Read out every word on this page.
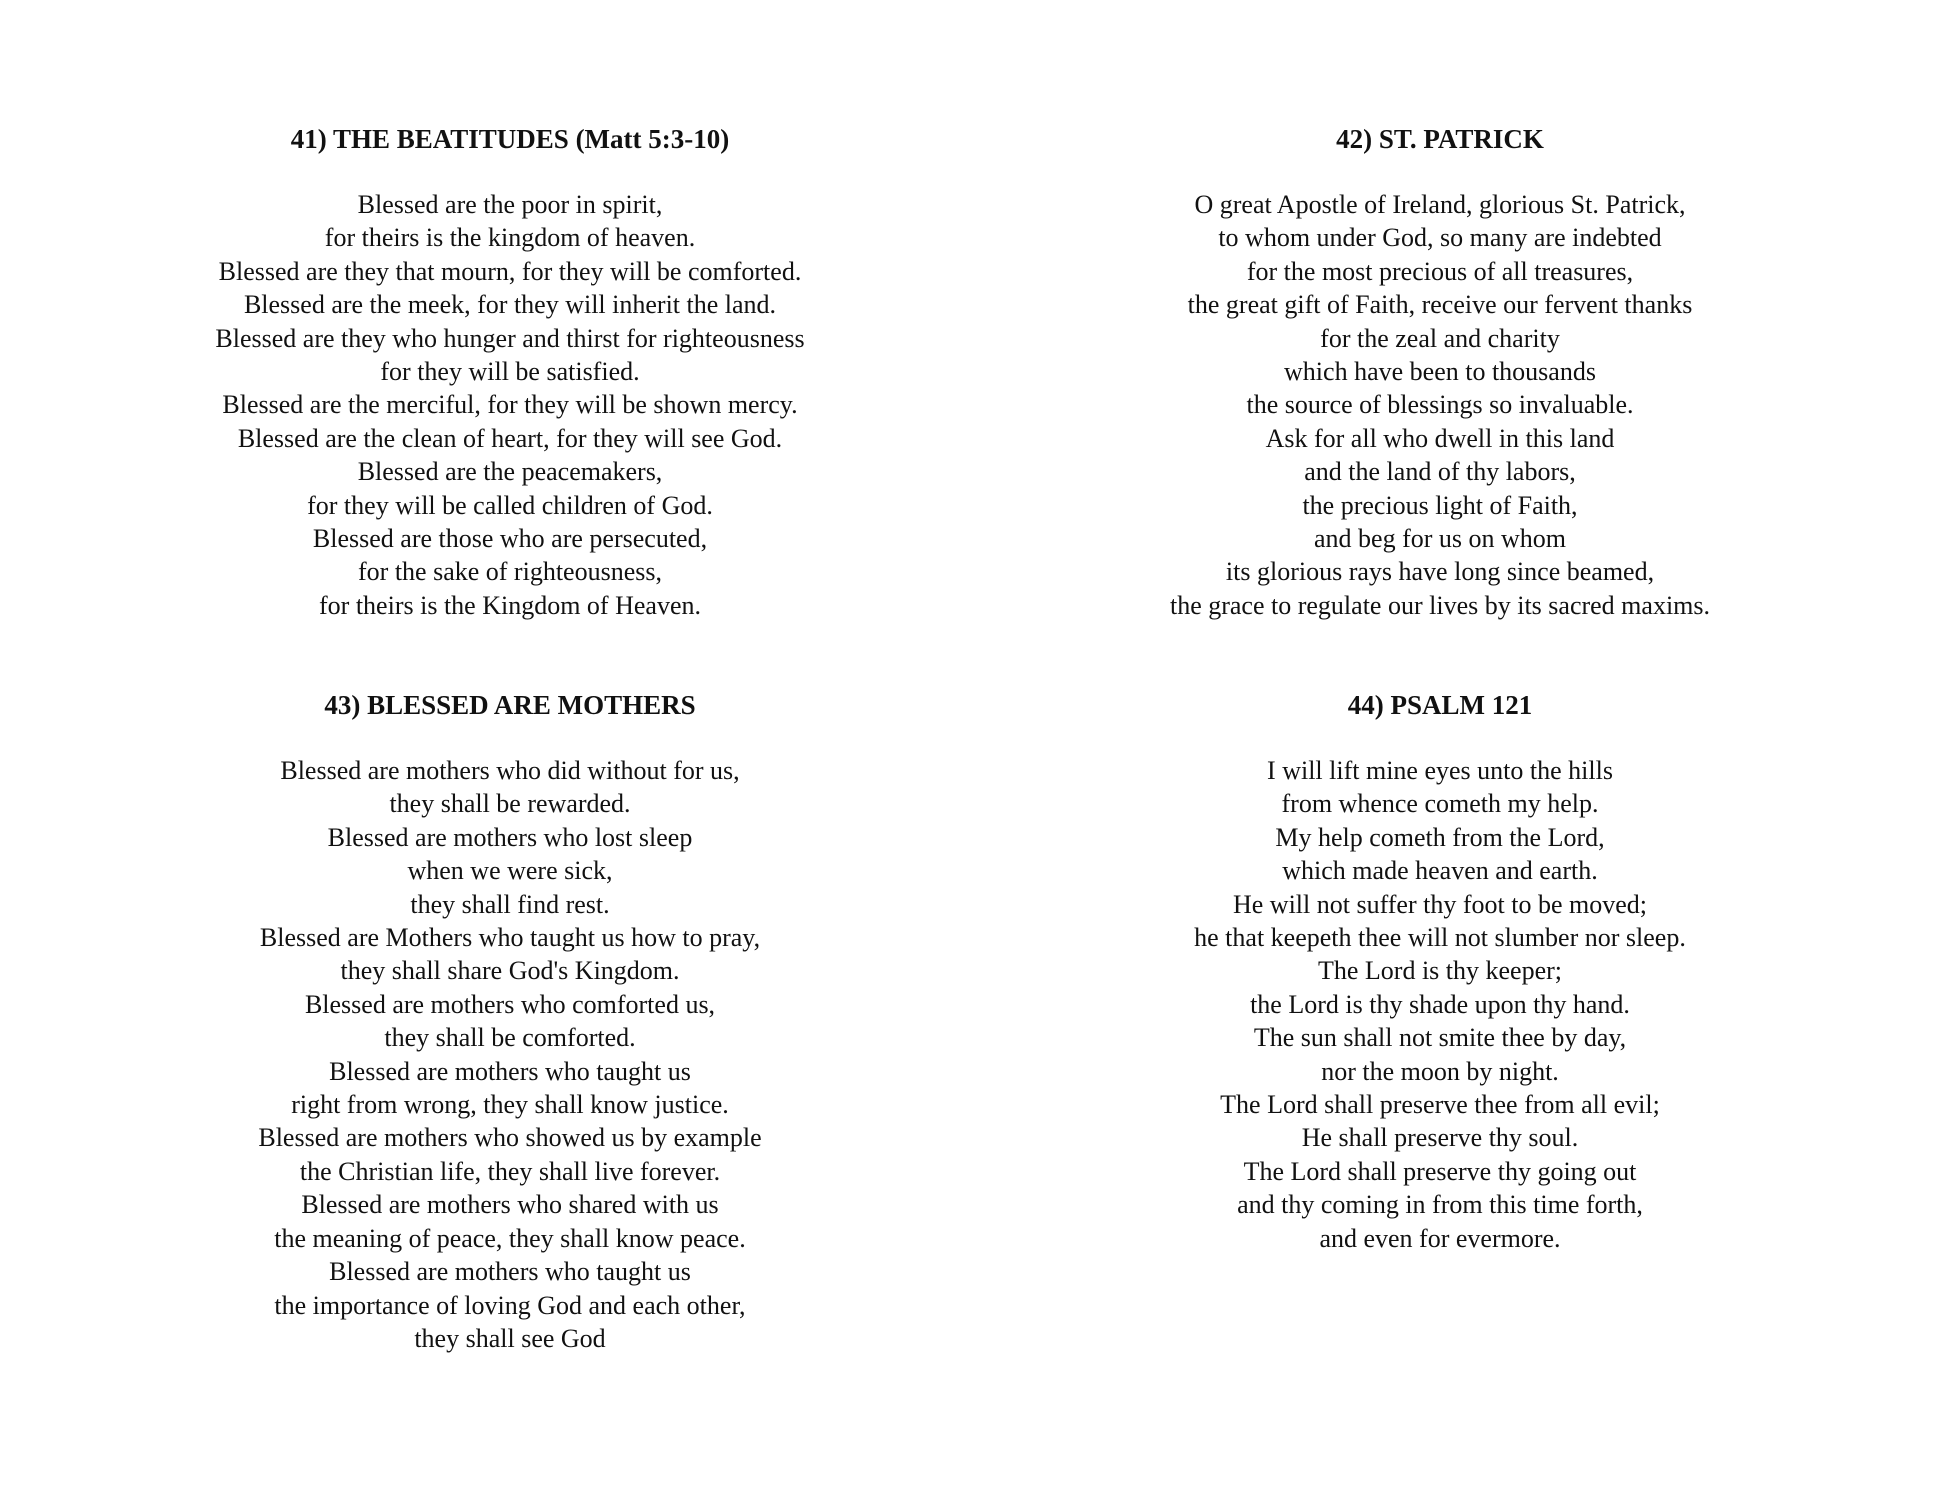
41) THE BEATITUDES (Matt 5:3-10)
Blessed are the poor in spirit,
for theirs is the kingdom of heaven.
Blessed are they that mourn, for they will be comforted.
Blessed are the meek, for they will inherit the land.
Blessed are they who hunger and thirst for righteousness
for they will be satisfied.
Blessed are the merciful, for they will be shown mercy.
Blessed are the clean of heart, for they will see God.
Blessed are the peacemakers,
for they will be called children of God.
Blessed are those who are persecuted,
for the sake of righteousness,
for theirs is the Kingdom of Heaven.
42) ST. PATRICK
O great Apostle of Ireland, glorious St. Patrick,
to whom under God, so many are indebted
for the most precious of all treasures,
the great gift of Faith, receive our fervent thanks
for the zeal and charity
which have been to thousands
the source of blessings so invaluable.
Ask for all who dwell in this land
and the land of thy labors,
the precious light of Faith,
and beg for us on whom
its glorious rays have long since beamed,
the grace to regulate our lives by its sacred maxims.
43) BLESSED ARE MOTHERS
Blessed are mothers who did without for us,
they shall be rewarded.
Blessed are mothers who lost sleep
when we were sick,
they shall find rest.
Blessed are Mothers who taught us how to pray,
they shall share God's Kingdom.
Blessed are mothers who comforted us,
they shall be comforted.
Blessed are mothers who taught us
right from wrong, they shall know justice.
Blessed are mothers who showed us by example
the Christian life, they shall live forever.
Blessed are mothers who shared with us
the meaning of peace, they shall know peace.
Blessed are mothers who taught us
the importance of loving God and each other,
they shall see God
44) PSALM 121
I will lift mine eyes unto the hills
from whence cometh my help.
My help cometh from the Lord,
which made heaven and earth.
He will not suffer thy foot to be moved;
he that keepeth thee will not slumber nor sleep.
The Lord is thy keeper;
the Lord is thy shade upon thy hand.
The sun shall not smite thee by day,
nor the moon by night.
The Lord shall preserve thee from all evil;
He shall preserve thy soul.
The Lord shall preserve thy going out
and thy coming in from this time forth,
and even for evermore.
